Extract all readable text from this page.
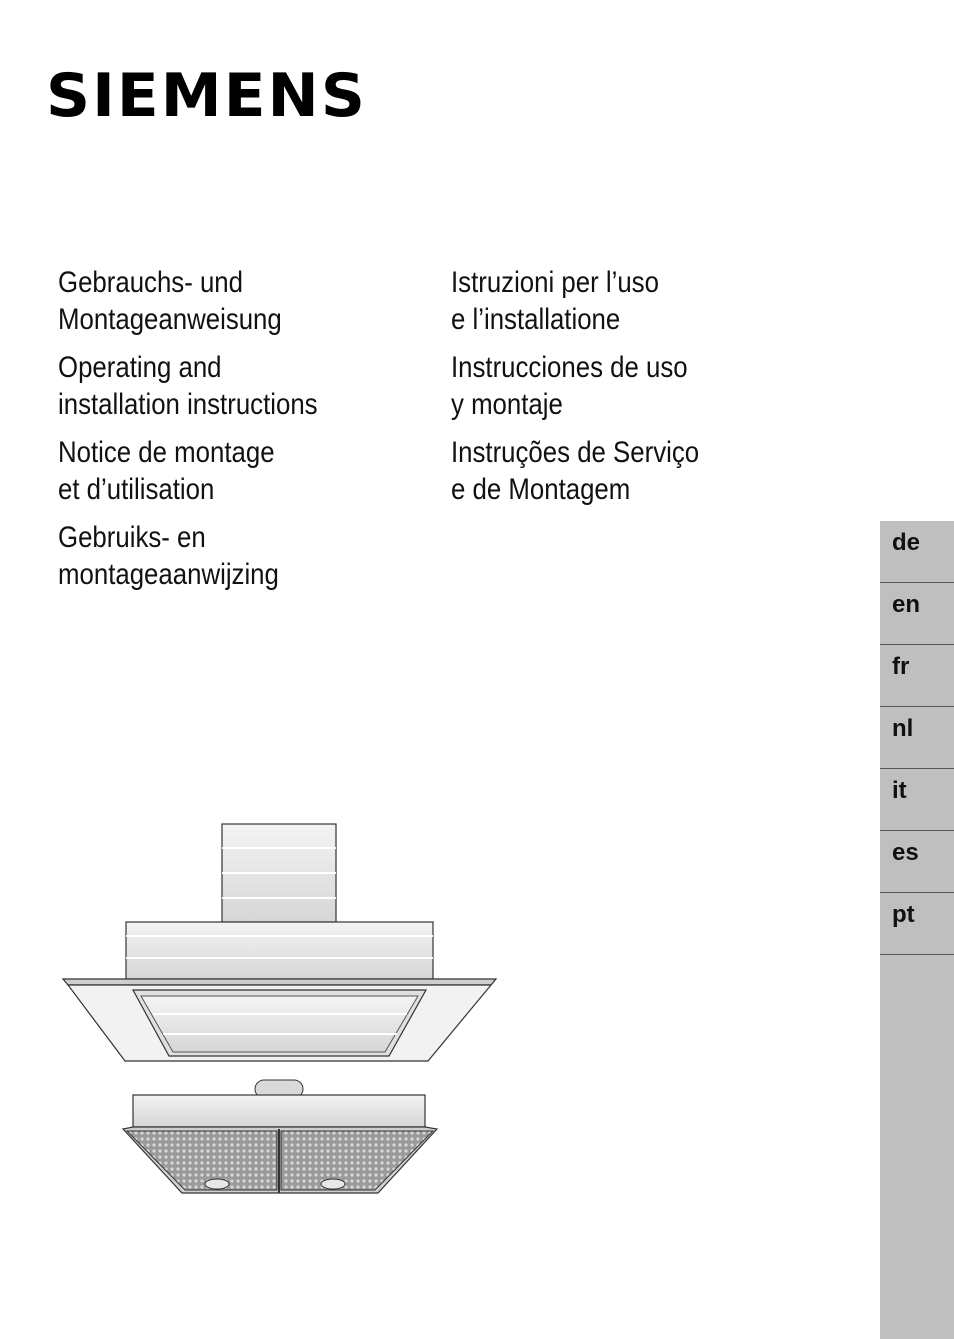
SIEMENS
Gebrauchs- und
Montageanweisung
Operating and
installation instructions
Notice de montage
et d’utilisation
Gebruiks- en
montageaanwijzing
Istruzioni per l’uso
e l’installatione
Instrucciones de uso
y montaje
Instruções de Serviço
e de Montagem
de
en
fr
nl
it
es
pt
